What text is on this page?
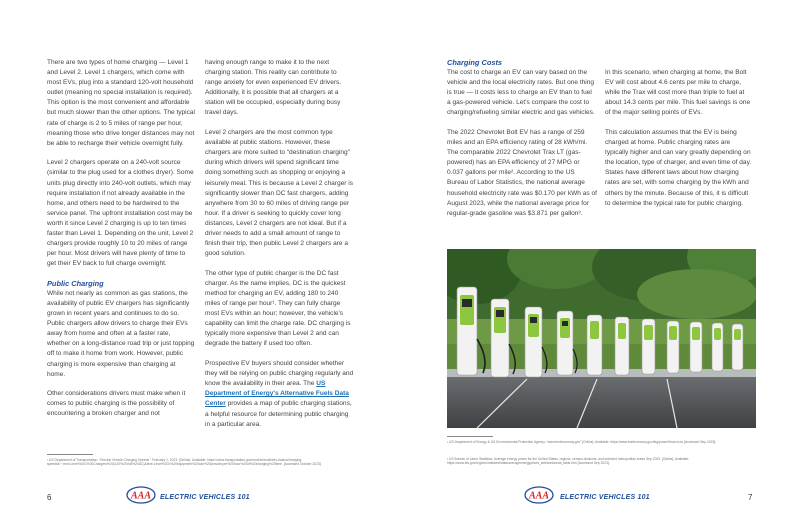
There are two types of home charging — Level 1 and Level 2. Level 1 chargers, which come with most EVs, plug into a standard 120-volt household outlet (meaning no special installation is required). This option is the most convenient and affordable but much slower than the other options. The typical rate of charge is 2 to 5 miles of range per hour, meaning those who drive longer distances may not be able to recharge their vehicle overnight fully.

Level 2 chargers operate on a 240-volt source (similar to the plug used for a clothes dryer). Some units plug directly into 240-volt outlets, which may require installation if not already available in the home, and others need to be hardwired to the service panel. The upfront installation cost may be worth it since Level 2 charging is up to ten times faster than Level 1. Depending on the unit, Level 2 chargers provide roughly 10 to 20 miles of range per hour. Most drivers will have plenty of time to get their EV back to full charge overnight.

Public Charging

While not nearly as common as gas stations, the availability of public EV chargers has significantly grown in recent years and continues to do so. Public chargers allow drivers to charge their EVs away from home and often at a faster rate, whether on a long-distance road trip or just topping off to make it home from work. However, public charging is more expensive than charging at home.

Other considerations drivers must make when it comes to public charging is the possibility of encountering a broken charger and not

having enough range to make it to the next charging station. This reality can contribute to range anxiety for even experienced EV drivers. Additionally, it is possible that all chargers at a station will be occupied, especially during busy travel days.

Level 2 chargers are the most common type available at public stations. However, these chargers are more suited to “destination charging” during which drivers will spend significant time doing something such as shopping or enjoying a leisurely meal. This is because a Level 2 charger is significantly slower than DC fast chargers, adding anywhere from 30 to 60 miles of driving range per hour. If a driver is seeking to quickly cover long distances, Level 2 chargers are not ideal. But if a driver needs to add a small amount of range to finish their trip, then public Level 2 chargers are a good solution.

The other type of public charger is the DC fast charger. As the name implies, DC is the quickest method for charging an EV, adding 180 to 240 miles of range per hour¹. They can fully charge most EVs within an hour; however, the vehicle's capability can limit the charge rate. DC charging is typically more expensive than Level 2 and can degrade the battery if used too often.

Prospective EV buyers should consider whether they will be relying on public charging regularly and know the availability in their area. The US Department of Energy's Alternative Fuels Data Center provides a map of public charging stations, a helpful resource for determining public charging in a particular area.

¹ US Department of Transportation. “Electric Vehicle Charging Speeds.” February 1, 2023. [Online]. Available: https://www.transportation.gov/rural/ev/toolkit/ev-basics/charging-speeds#:~:text=Level%201%20Chargers%20(120%20Volt%20AC)&text=Level%201%20equipment%20can%20provide,per%20hour%20of%20charging%20time. [Accessed October 2023].
6	AAA ELECTRIC VEHICLES 101
Charging Costs

The cost to charge an EV can vary based on the vehicle and the local electricity rates. But one thing is true — it costs less to charge an EV than to fuel a gas-powered vehicle. Let's compare the cost to charging/refueling similar electric and gas vehicles.

The 2022 Chevrolet Bolt EV has a range of 259 miles and an EPA efficiency rating of 28 kWh/mi. The comparable 2022 Chevrolet Trax LT (gas-powered) has an EPA efficiency of 27 MPG or 0.037 gallons per mile². According to the US Bureau of Labor Statistics, the national average household electricity rate was $0.170 per kWh as of August 2023, while the national average price for regular-grade gasoline was $3.871 per gallon³.

In this scenario, when charging at home, the Bolt EV will cost about 4.6 cents per mile to charge, while the Trax will cost more than triple to fuel at about 14.3 cents per mile. This fuel savings is one of the major selling points of EVs.

This calculation assumes that the EV is being charged at home. Public charging rates are typically higher and can vary greatly depending on the location, type of charger, and even time of day. States have different laws about how charging rates are set, with some charging by the kWh and others by the minute. Because of this, it is difficult to determine the typical rate for public charging.

² US Department of Energy & US Environmental Protection Agency. “www.fueleconomy.gov” [Online]. Available: https://www.fueleconomy.gov/feg/powerSearch.do [Accessed Sep 2023].
³ US Bureau of Labor Statistics. Average energy prices for the United States, regions, census divisions, and selected metropolitan areas Sep 2023. [Online]. Available: https://www.bls.gov/regions/midwest/data/averageenergyprices_selectedareas_table.htm [Accessed Sep 2023].
7
AAA ELECTRIC VEHICLES 101
